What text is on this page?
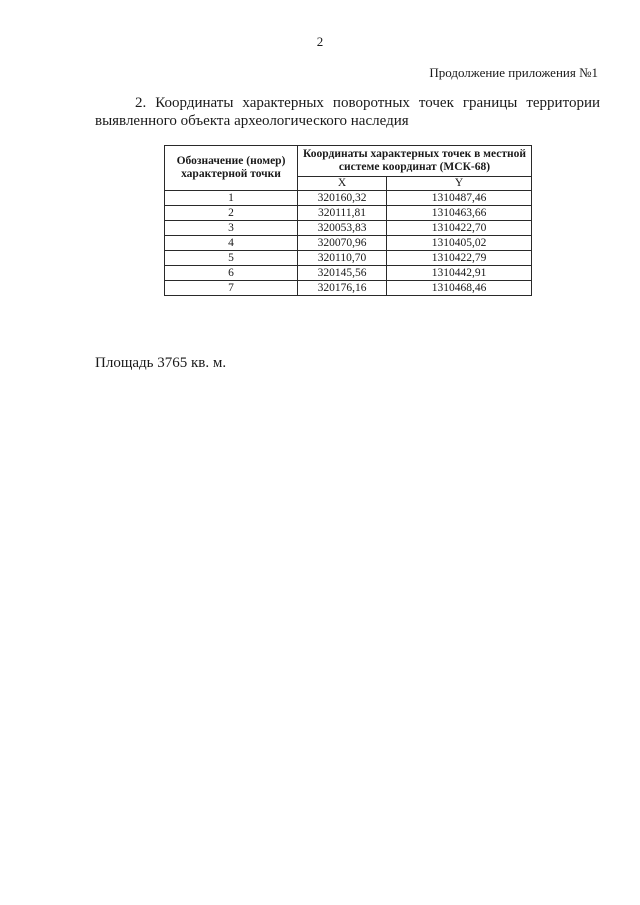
2
Продолжение приложения №1
2. Координаты характерных поворотных точек границы территории
выявленного объекта археологического наследия
Обозначение (номер) характерной точки	Координаты характерных точек в местной системе координат (МСК-68)	
	X	Y
1	320160,32	1310487,46
2	320111,81	1310463,66
3	320053,83	1310422,70
4	320070,96	1310405,02
5	320110,70	1310422,79
6	320145,56	1310442,91
7	320176,16	1310468,46
Площадь 3765 кв. м.
